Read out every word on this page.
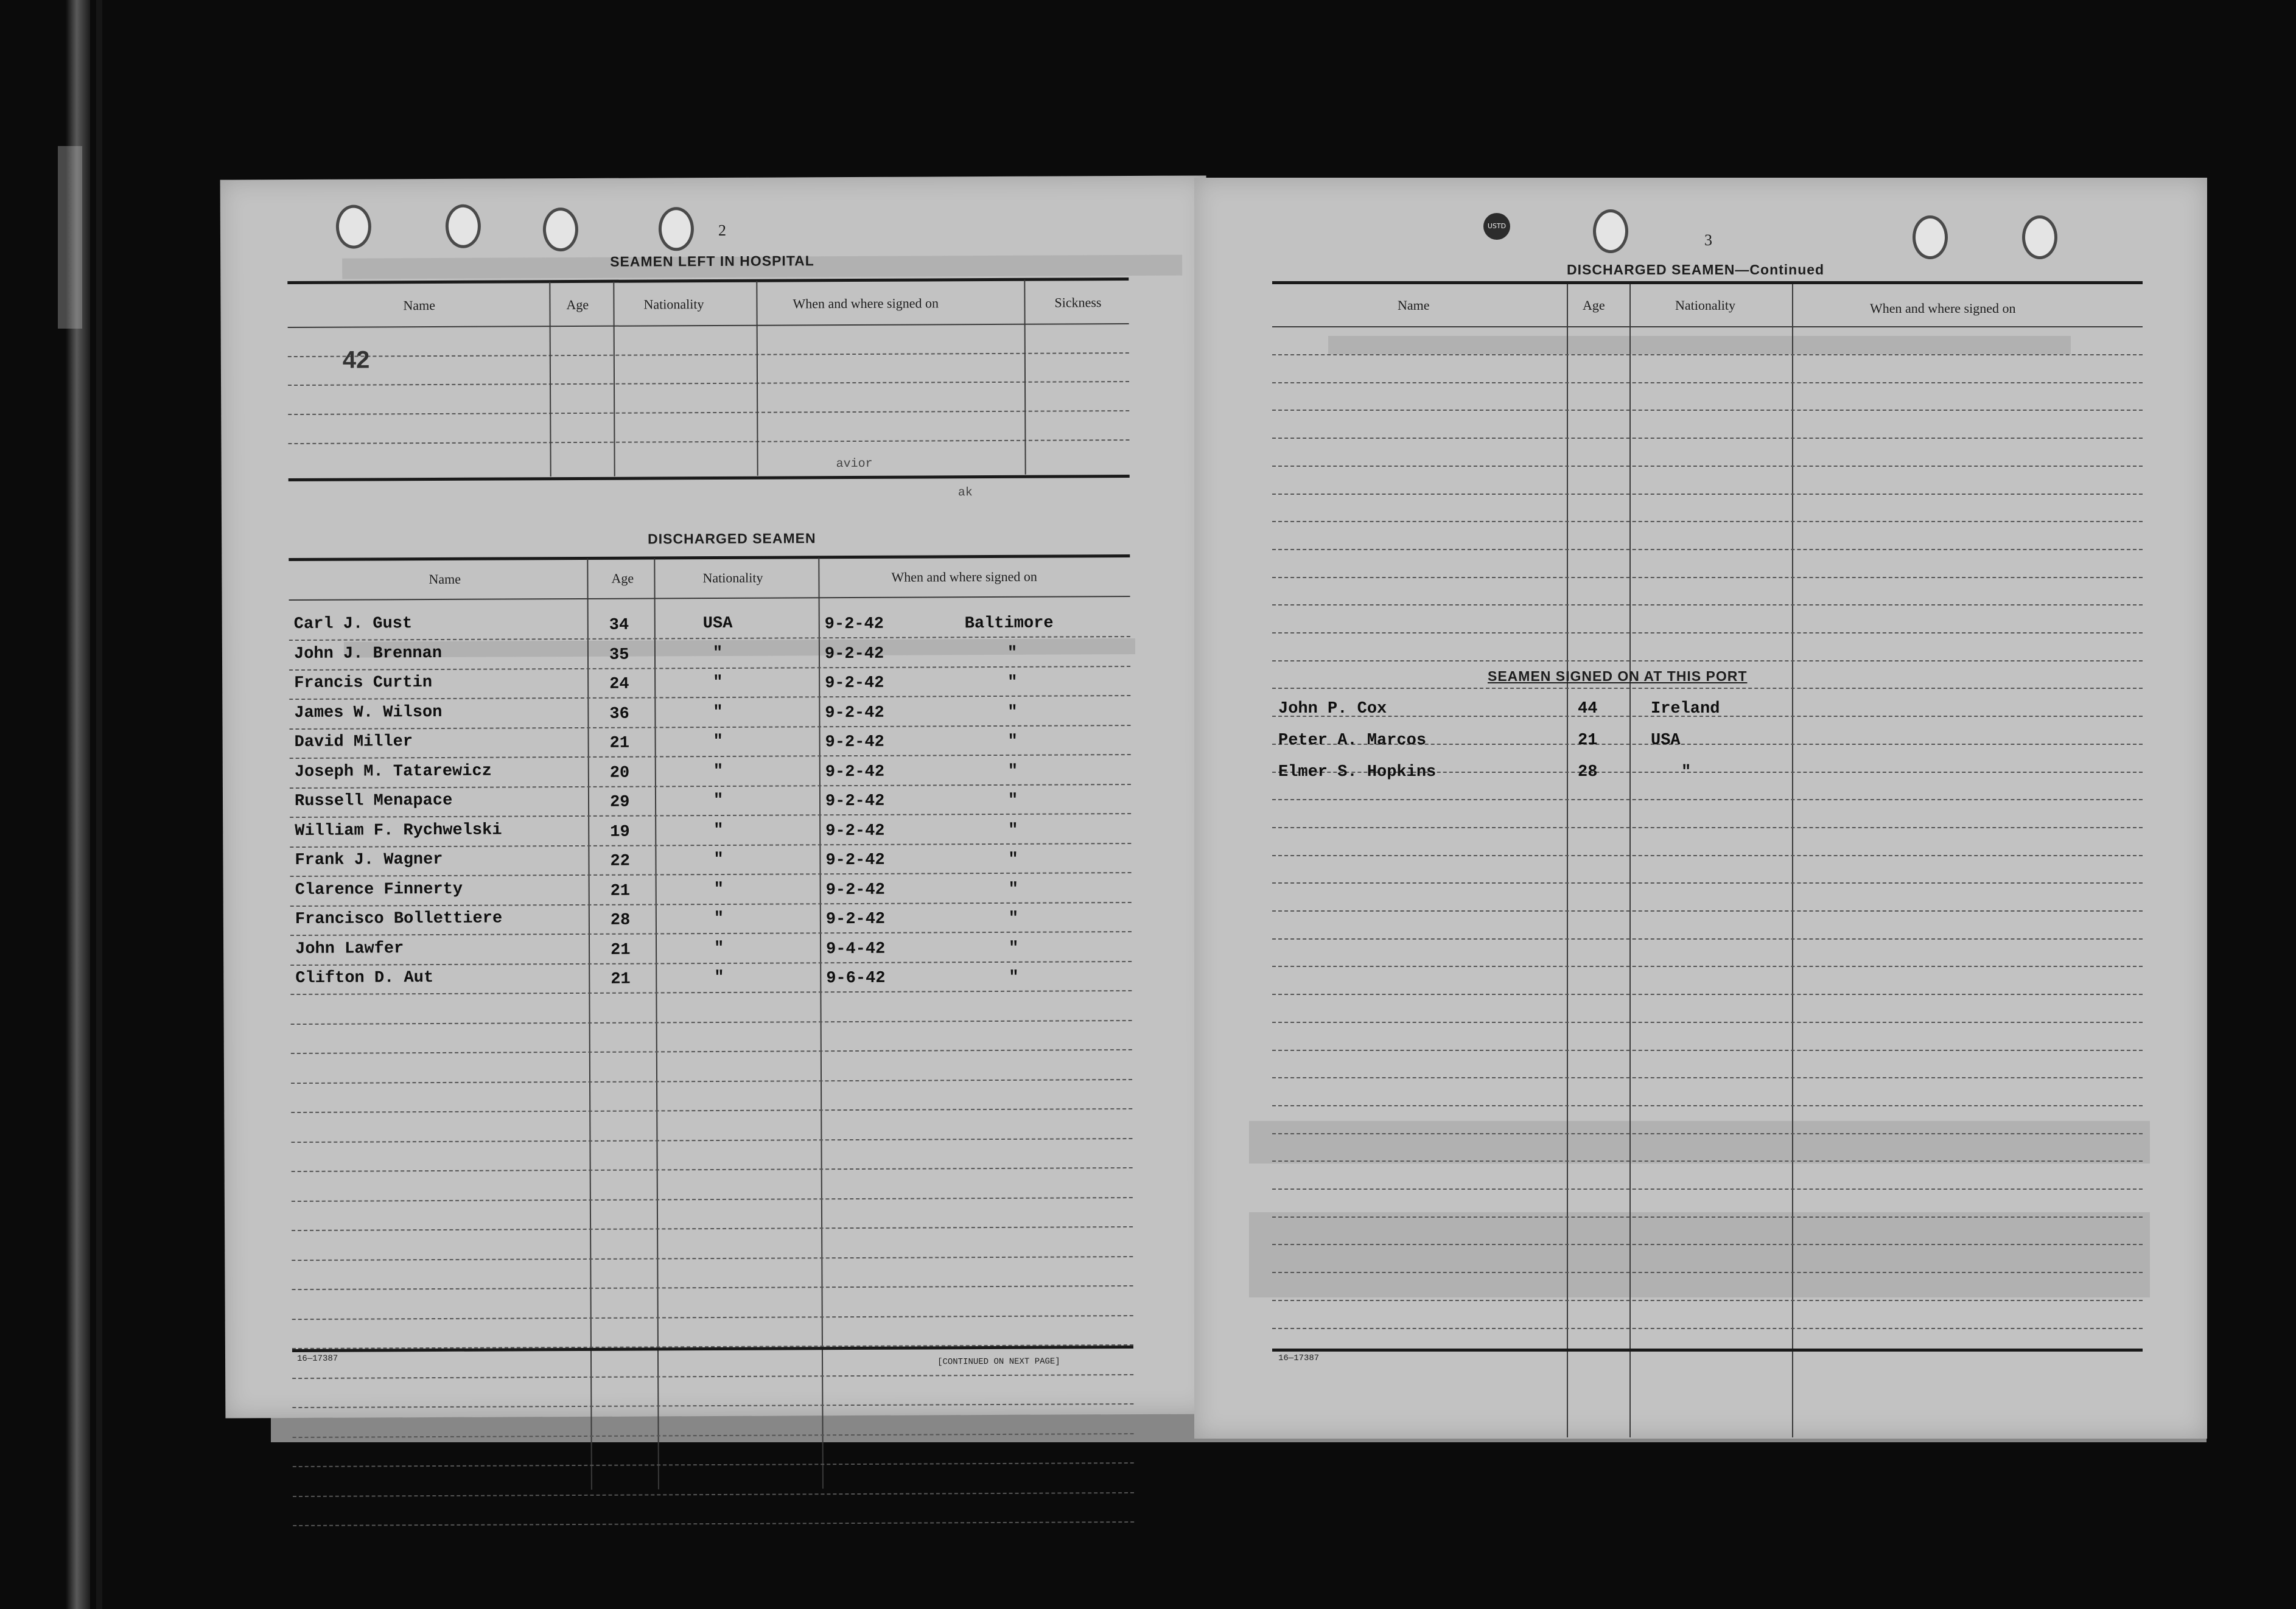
2
SEAMEN LEFT IN HOSPITAL
Name	Age	Nationality	When and where signed on	Sickness
42
avior
ak
DISCHARGED SEAMEN
Name	Age	Nationality	When and where signed on
Carl J. Gust	34	USA	9-2-42	Baltimore
John J. Brennan	35	"	9-2-42	"
Francis Curtin	24	"	9-2-42	"
James W. Wilson	36	"	9-2-42	"
David Miller	21	"	9-2-42	"
Joseph M. Tatarewicz	20	"	9-2-42	"
Russell Menapace	29	"	9-2-42	"
William F. Rychwelski	19	"	9-2-42	"
Frank J. Wagner	22	"	9-2-42	"
Clarence Finnerty	21	"	9-2-42	"
Francisco Bollettiere	28	"	9-2-42	"
John Lawfer	21	"	9-4-42	"
Clifton D. Aut	21	"	9-6-42	"
16—17387	[CONTINUED ON NEXT PAGE]
USTD
3
DISCHARGED SEAMEN—Continued
Name	Age	Nationality	When and where signed on
SEAMEN SIGNED ON AT THIS PORT
John P. Cox	44	Ireland
Peter A. Marcos	21	USA
Elmer S. Hopkins	28	"
16—17387
